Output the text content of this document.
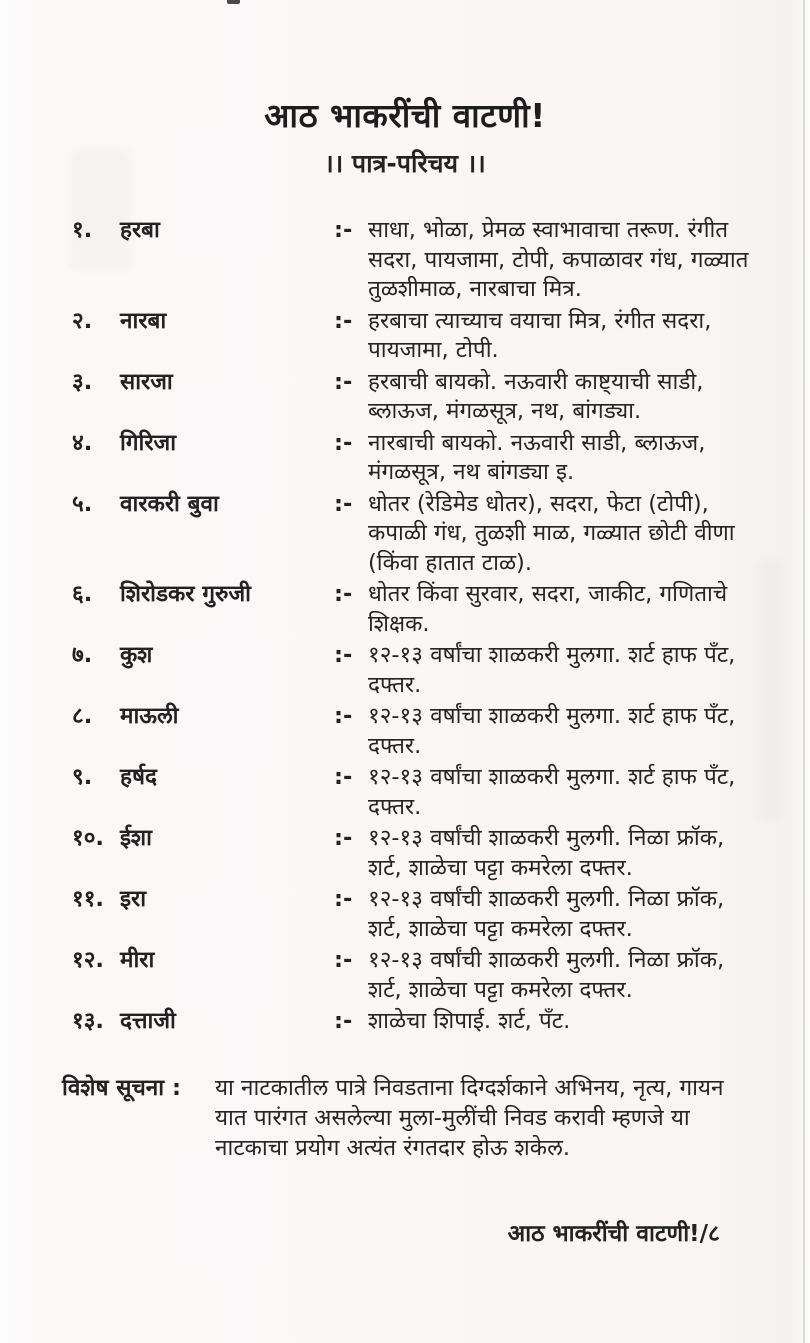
आठ भाकरींची वाटणी!
।। पात्र-परिचय ।।
१.	हरबा	:- साधा, भोळा, प्रेमळ स्वाभावाचा तरूण. रंगीत सदरा, पायजामा, टोपी, कपाळावर गंध, गळ्यात तुळशीमाळ, नारबाचा मित्र.
२.	नारबा	:- हरबाचा त्याच्याच वयाचा मित्र, रंगीत सदरा, पायजामा, टोपी.
३.	सारजा	:- हरबाची बायको. नऊवारी काष्ट्याची साडी, ब्लाऊज, मंगळसूत्र, नथ, बांगड्या.
४.	गिरिजा	:- नारबाची बायको. नऊवारी साडी, ब्लाऊज, मंगळसूत्र, नथ बांगड्या इ.
५.	वारकरी बुवा	:- धोतर (रेडिमेड धोतर), सदरा, फेटा (टोपी), कपाळी गंध, तुळशी माळ, गळ्यात छोटी वीणा (किंवा हातात टाळ).
६.	शिरोडकर गुरुजी	:- धोतर किंवा सुरवार, सदरा, जाकीट, गणिताचे शिक्षक.
७.	कुश	:- १२-१३ वर्षांचा शाळकरी मुलगा. शर्ट हाफ पँट, दफ्तर.
८.	माऊली	:- १२-१३ वर्षांचा शाळकरी मुलगा. शर्ट हाफ पँट, दफ्तर.
९.	हर्षद	:- १२-१३ वर्षांचा शाळकरी मुलगा. शर्ट हाफ पँट, दफ्तर.
१०. ईशा	:- १२-१३ वर्षांची शाळकरी मुलगी. निळा फ्रॉक, शर्ट, शाळेचा पट्टा कमरेला दफ्तर.
११. इरा	:- १२-१३ वर्षांची शाळकरी मुलगी. निळा फ्रॉक, शर्ट, शाळेचा पट्टा कमरेला दफ्तर.
१२. मीरा	:- १२-१३ वर्षांची शाळकरी मुलगी. निळा फ्रॉक, शर्ट, शाळेचा पट्टा कमरेला दफ्तर.
१३. दत्ताजी	:- शाळेचा शिपाई. शर्ट, पँट.
विशेष सूचना :	या नाटकातील पात्रे निवडताना दिग्दर्शकाने अभिनय, नृत्य, गायन यात पारंगत असलेल्या मुला-मुलींची निवड करावी म्हणजे या नाटकाचा प्रयोग अत्यंत रंगतदार होऊ शकेल.
आठ भाकरींची वाटणी!/८
